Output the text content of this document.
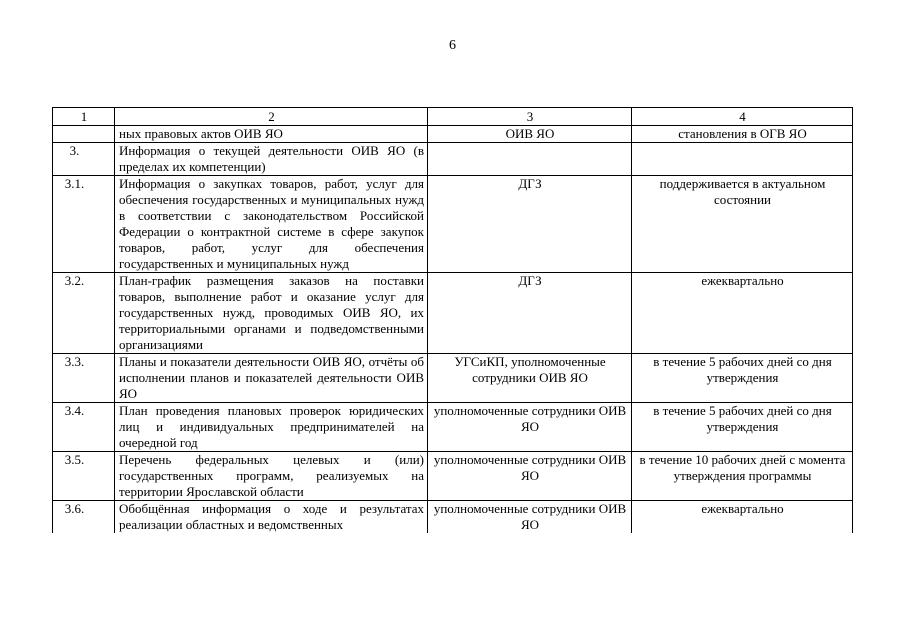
6
1	2	3	4
	ных правовых актов ОИВ ЯО	ОИВ ЯО	становления в ОГВ ЯО
3.	Информация о текущей деятельности ОИВ ЯО (в пределах их компетенции)		
3.1.	Информация о закупках товаров, работ, услуг для обеспечения государственных и муниципальных нужд в соответствии с законодательством Российской Федерации о контрактной системе в сфере закупок товаров, работ, услуг для обеспечения государственных и муниципальных нужд	ДГЗ	поддерживается в актуальном состоянии
3.2.	План-график размещения заказов на поставки товаров, выполнение работ и оказание услуг для государственных нужд, проводимых ОИВ ЯО, их территориальными органами и подведомственными организациями	ДГЗ	ежеквартально
3.3.	Планы и показатели деятельности ОИВ ЯО, отчёты об исполнении планов и показателей деятельности ОИВ ЯО	УГСиКП, уполномоченные сотрудники ОИВ ЯО	в течение 5 рабочих дней со дня утверждения
3.4.	План проведения плановых проверок юридических лиц и индивидуальных предпринимателей на очередной год	уполномоченные сотрудники ОИВ ЯО	в течение 5 рабочих дней со дня утверждения
3.5.	Перечень федеральных целевых и (или) государственных программ, реализуемых на территории Ярославской области	уполномоченные сотрудники ОИВ ЯО	в течение 10 рабочих дней с момента утверждения программы
3.6.	Обобщённая информация о ходе и результатах реализации областных и ведомственных	уполномоченные сотрудники ОИВ ЯО	ежеквартально
